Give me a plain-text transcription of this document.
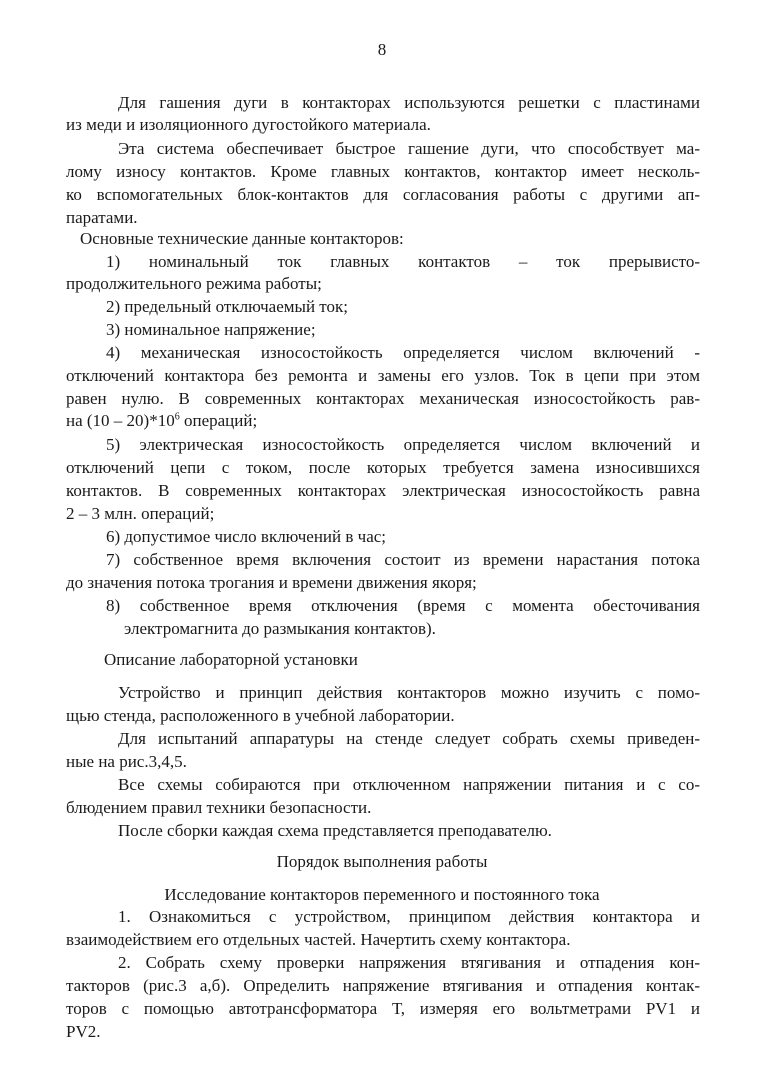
8
Для гашения дуги в контакторах используются решетки с пластинами
из меди и изоляционного дугостойкого материала.
Эта система обеспечивает быстрое гашение дуги, что способствует ма-
лому износу контактов. Кроме главных контактов, контактор имеет несколь-
ко вспомогательных блок-контактов для согласования работы с другими ап-
паратами.
Основные технические данные контакторов:
1) номинальный ток главных контактов – ток прерывисто-
продолжительного режима работы;
2) предельный отключаемый ток;
3) номинальное напряжение;
4) механическая износостойкость определяется числом включений -
отключений контактора без ремонта и замены его узлов. Ток в цепи при этом
равен нулю. В современных контакторах механическая износостойкость рав-
на $(10 - 20)*10^6$ операций;
5) электрическая износостойкость определяется числом включений и
отключений цепи с током, после которых требуется замена износившихся
контактов. В современных контакторах электрическая износостойкость равна
2 – 3 млн. операций;
6) допустимое число включений в час;
7) собственное время включения состоит из времени нарастания потока
до значения потока трогания и времени движения якоря;
8) собственное время отключения (время с момента обесточивания
электромагнита до размыкания контактов).
Описание лабораторной установки
Устройство и принцип действия контакторов можно изучить с помо-
щью стенда, расположенного в учебной лаборатории.
Для испытаний аппаратуры на стенде следует собрать схемы приведен-
ные на рис.3,4,5.
Все схемы собираются при отключенном напряжении питания и с со-
блюдением правил техники безопасности.
После сборки каждая схема представляется преподавателю.
Порядок выполнения работы
Исследование контакторов переменного и постоянного тока
1. Ознакомиться с устройством, принципом действия контактора и
взаимодействием его отдельных частей. Начертить схему контактора.
2. Собрать схему проверки напряжения втягивания и отпадения кон-
такторов (рис.3 а,б). Определить напряжение втягивания и отпадения контак-
торов с помощью автотрансформатора Т, измеряя его вольтметрами PV1 и
PV2.
